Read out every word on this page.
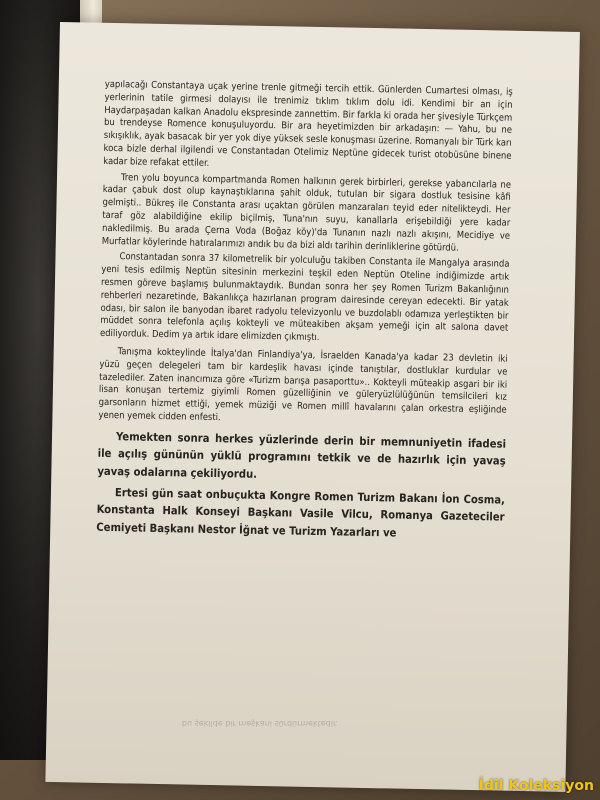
yapılacağı Constantaya uçak yerine trenle gitmeği tercih ettik. Günlerden Cumartesi olması, iş yerlerinin tatile girmesi dolayısı ile trenimiz tıklım tıklım dolu idi. Kendimi bir an için Haydarpaşadan kalkan Anadolu ekspresinde zannettim. Bir farkla ki orada her şivesiyle Türkçem bu trendeyse Romence konuşuluyordu. Bir ara heyetimizden bir arkadaşın: — Yahu, bu ne sıkışıklık, ayak basacak bir yer yok diye yüksek sesle konuşması üzerine. Romanyalı bir Türk karı koca bizle derhal ilgilendi ve Constantadan Otelimiz Neptüne gidecek turist otobüsüne binene kadar bize refakat ettiler.

Tren yolu boyunca kompartmanda Romen halkının gerek birbirleri, gerekse yabancılarla ne kadar çabuk dost olup kaynaştıklarına şahit olduk, tutulan bir sigara dostluk tesisine kâfi gelmişti.. Bükreş ile Constanta arası uçaktan görülen manzaraları teyid eder nitelikteydi. Her taraf göz alabildiğine ekilip biçilmiş, Tuna'nın suyu, kanallarla erişebildiği yere kadar nakledilmiş. Bu arada Çerna Voda (Boğaz köy)'da Tunanın nazlı nazlı akışını, Mecidiye ve Murfatlar köylerinde hatıralarımızı andık bu da bizi aldı tarihin derinliklerine götürdü.

Constantadan sonra 37 kilometrelik bir yolculuğu takiben Constanta ile Mangalya arasında yeni tesis edilmiş Neptün sitesinin merkezini teşkil eden Neptün Oteline indiğimizde artık resmen göreve başlamış bulunmaktaydık. Bundan sonra her şey Romen Turizm Bakanlığının rehberleri nezaretinde, Bakanlıkça hazırlanan program dairesinde cereyan edecekti. Bir yatak odası, bir salon ile banyodan ibaret radyolu televizyonlu ve buzdolablı odamıza yerleştikten bir müddet sonra telefonla açılış kokteyli ve müteakiben akşam yemeği için alt salona davet ediliyorduk. Dedim ya artık idare elimizden çıkmıştı.

Tanışma kokteylinde İtalya'dan Finlandiya'ya, İsraelden Kanada'ya kadar 23 devletin iki yüzü geçen delegeleri tam bir kardeşlik havası içinde tanıştılar, dostluklar kurdular ve tazelediler. Zaten inancımıza göre «Turizm barışa pasaporttu».. Kokteyli müteakip asgari bir iki lisan konuşan tertemiz giyimli Romen güzelliğinin ve güleryüzlülüğünün temsilcileri kız garsonların hizmet ettiği, yemek müziği ve Romen millî havalarını çalan orkestra eşliğinde yenen yemek cidden enfesti.

Yemekten sonra herkes yüzlerinde derin bir memnuniyetin ifadesi ile açılış gününün yüklü programını tetkik ve de hazırlık için yavaş yavaş odalarına çekiliyordu.

Ertesi gün saat onbuçukta Kongre Romen Turizm Bakanı İon Cosma, Konstanta Halk Konseyi Başkanı Vasile Vilcu, Romanya Gazeteciler Cemiyeti Başkanı Nestor İğnat ve Turizm Yazarları ve

bu şekilde bir meşkani sürdürmektedir.
İdil Koleksiyon
